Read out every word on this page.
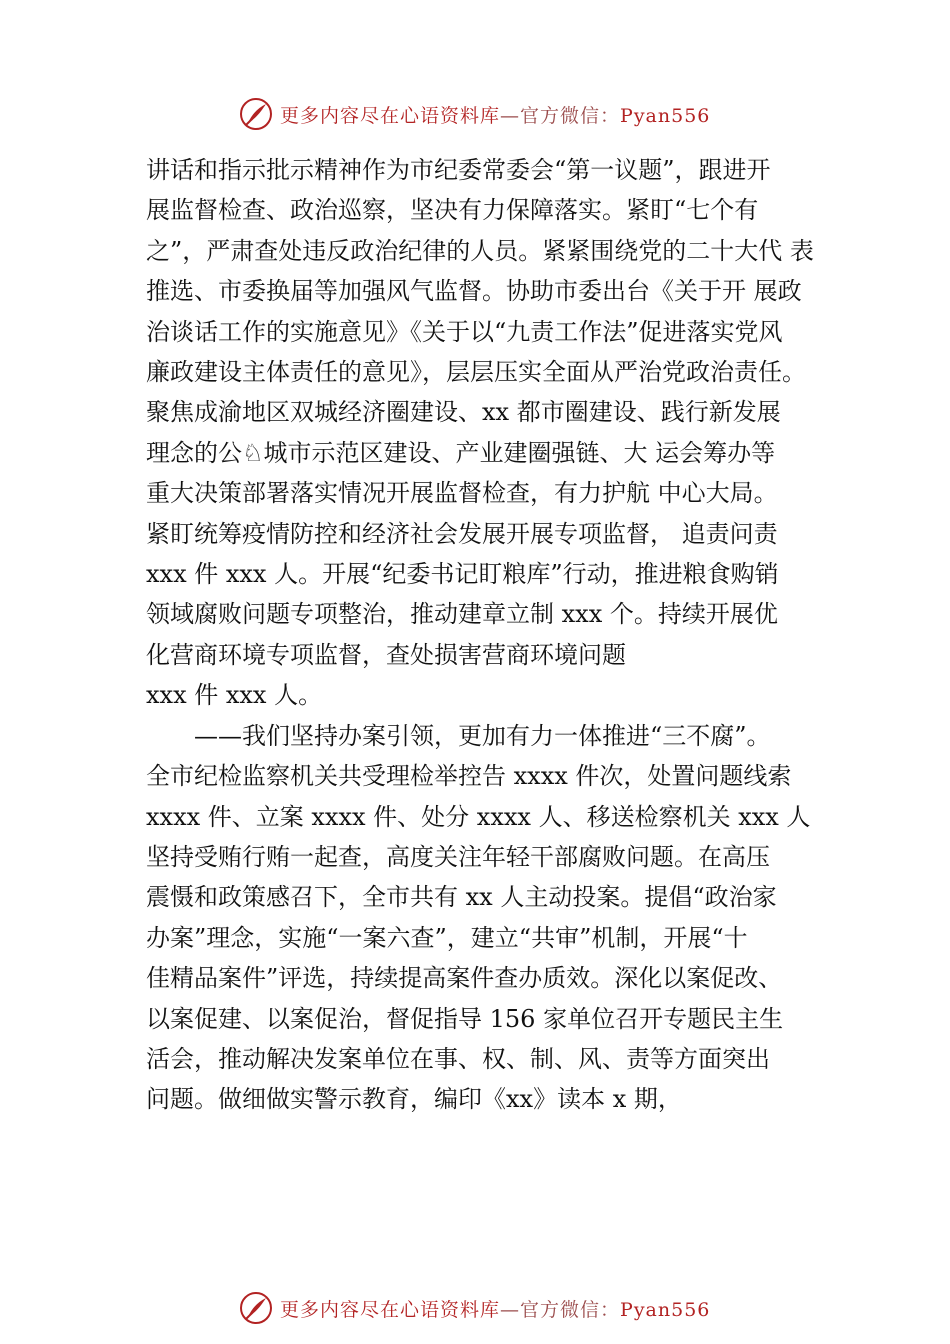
更多内容尽在心语资料库—官方微信：Pyan556
讲话和指示批示精神作为市纪委常委会“第一议题”，跟进开
展监督检查、政治巡察，坚决有力保障落实。紧盯“七个有
之”，严肃查处违反政治纪律的人员。紧紧围绕党的二十大代 表
推选、市委换届等加强风气监督。协助市委出台《关于开 展政
治谈话工作的实施意见》《关于以“九责工作法”促进落实党风
廉政建设主体责任的意见》，层层压实全面从严治党政治责任。
聚焦成渝地区双城经济圈建设、xx 都市圈建设、践行新发展
理念的公♘城市示范区建设、产业建圈强链、大 运会筹办等
重大决策部署落实情况开展监督检查，有力护航 中心大局。
紧盯统筹疫情防控和经济社会发展开展专项监督， 追责问责
xxx 件 xxx 人。开展“纪委书记盯粮库”行动，推进粮食购销
领域腐败问题专项整治，推动建章立制 xxx 个。持续开展优
化营商环境专项监督，查处损害营商环境问题
xxx 件 xxx 人。
　　——我们坚持办案引领，更加有力一体推进“三不腐”。
全市纪检监察机关共受理检举控告 xxxx 件次，处置问题线索
xxxx 件、立案 xxxx 件、处分 xxxx 人、移送检察机关 xxx 人
坚持受贿行贿一起查，高度关注年轻干部腐败问题。在高压
震慑和政策感召下，全市共有 xx 人主动投案。提倡“政治家
办案”理念，实施“一案六查”，建立“共审”机制，开展“十
佳精品案件”评选，持续提高案件查办质效。深化以案促改、
以案促建、以案促治，督促指导 156 家单位召开专题民主生
活会，推动解决发案单位在事、权、制、风、责等方面突出
问题。做细做实警示教育，编印《xx》读本 x 期，
更多内容尽在心语资料库—官方微信：Pyan556
